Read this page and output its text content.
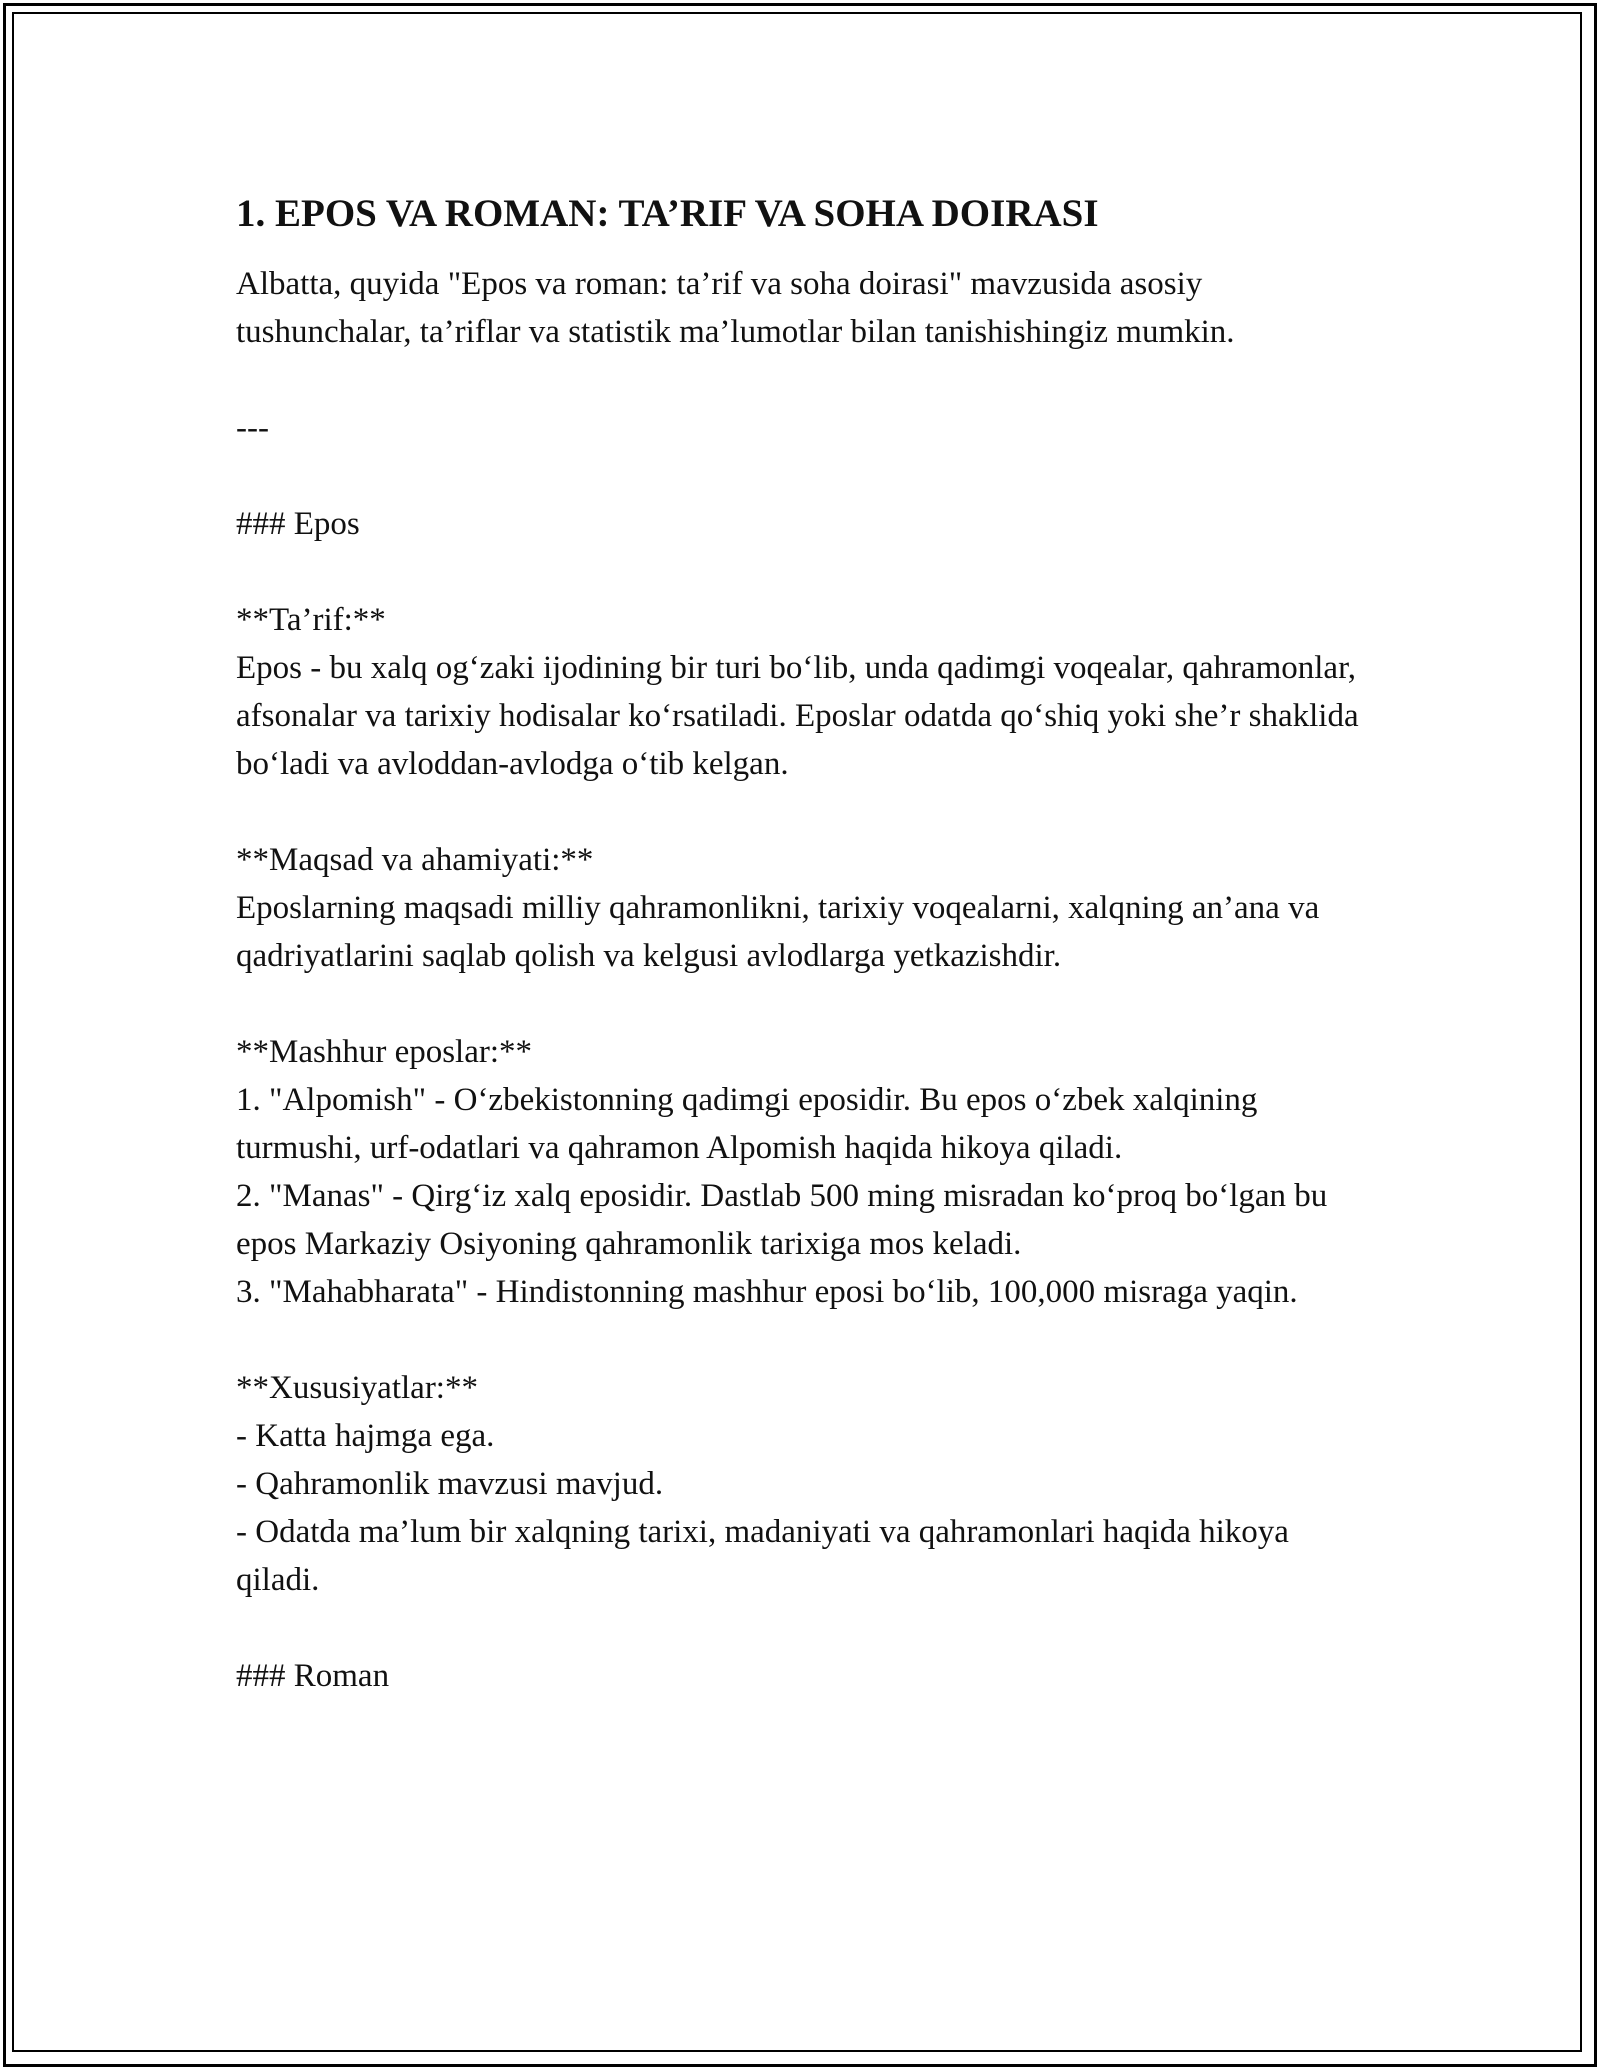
1. EPOS VA ROMAN: TA’RIF VA SOHA DOIRASI

Albatta, quyida "Epos va roman: ta’rif va soha doirasi" mavzusida asosiy tushunchalar, ta’riflar va statistik ma’lumotlar bilan tanishishingiz mumkin.

---

### Epos

**Ta’rif:**

Epos - bu xalq og‘zaki ijodining bir turi bo‘lib, unda qadimgi voqealar, qahramonlar, afsonalar va tarixiy hodisalar ko‘rsatiladi. Eposlar odatda qo‘shiq yoki she’r shaklida bo‘ladi va avloddan-avlodga o‘tib kelgan.

**Maqsad va ahamiyati:**

Eposlarning maqsadi milliy qahramonlikni, tarixiy voqealarni, xalqning an’ana va qadriyatlarini saqlab qolish va kelgusi avlodlarga yetkazishdir.

**Mashhur eposlar:**

1. "Alpomish" - O‘zbekistonning qadimgi eposidir. Bu epos o‘zbek xalqining turmushi, urf-odatlari va qahramon Alpomish haqida hikoya qiladi.

2. "Manas" - Qirg‘iz xalq eposidir. Dastlab 500 ming misradan ko‘proq bo‘lgan bu epos Markaziy Osiyoning qahramonlik tarixiga mos keladi.

3. "Mahabharata" - Hindistonning mashhur eposi bo‘lib, 100,000 misraga yaqin.

**Xususiyatlar:**

- Katta hajmga ega.

- Qahramonlik mavzusi mavjud.

- Odatda ma’lum bir xalqning tarixi, madaniyati va qahramonlari haqida hikoya qiladi.

### Roman
